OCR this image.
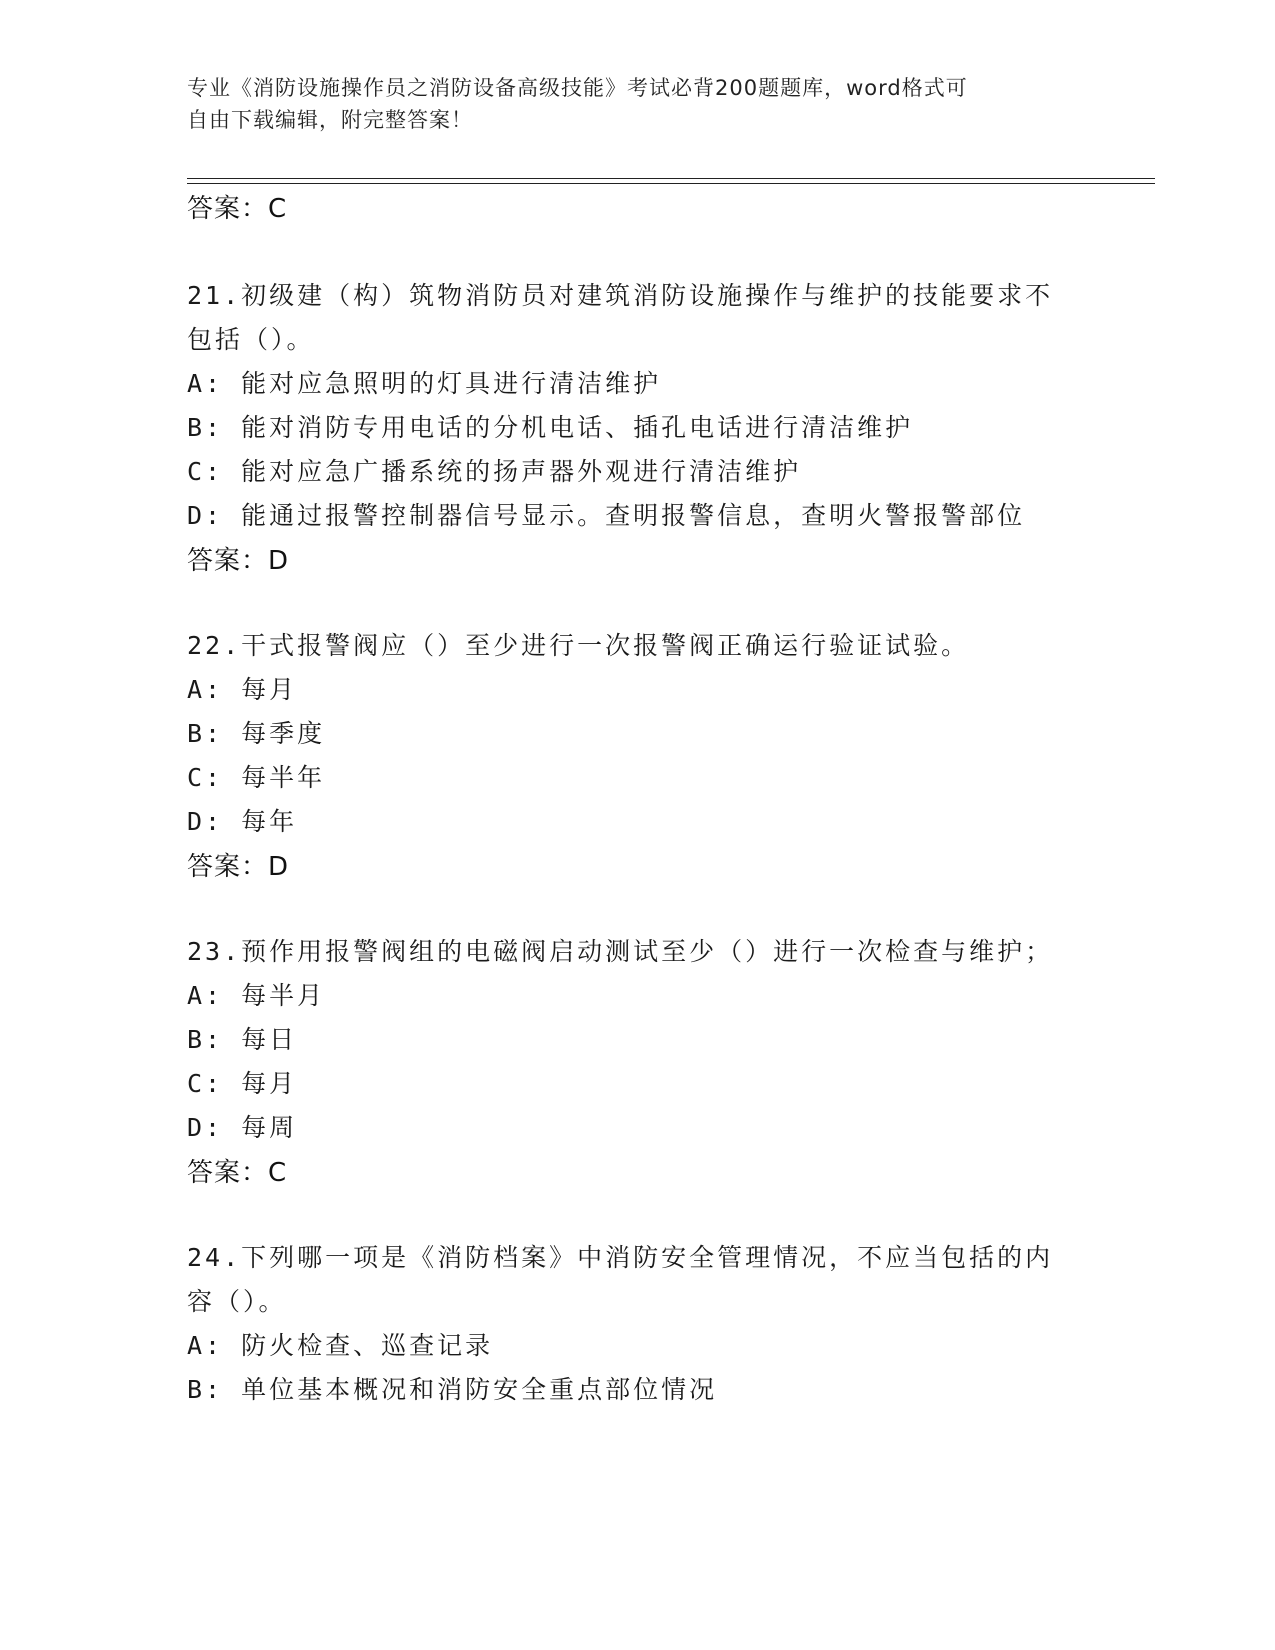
专业《消防设施操作员之消防设备高级技能》考试必背200题题库，word格式可
自由下载编辑，附完整答案！
答案：C
21.初级建（构）筑物消防员对建筑消防设施操作与维护的技能要求不
包括（）。
A: 能对应急照明的灯具进行清洁维护
B: 能对消防专用电话的分机电话、插孔电话进行清洁维护
C: 能对应急广播系统的扬声器外观进行清洁维护
D: 能通过报警控制器信号显示。查明报警信息，查明火警报警部位
答案：D
22.干式报警阀应（）至少进行一次报警阀正确运行验证试验。
A: 每月
B: 每季度
C: 每半年
D: 每年
答案：D
23.预作用报警阀组的电磁阀启动测试至少（）进行一次检查与维护；
A: 每半月
B: 每日
C: 每月
D: 每周
答案：C
24.下列哪一项是《消防档案》中消防安全管理情况，不应当包括的内
容（）。
A: 防火检查、巡查记录
B: 单位基本概况和消防安全重点部位情况
